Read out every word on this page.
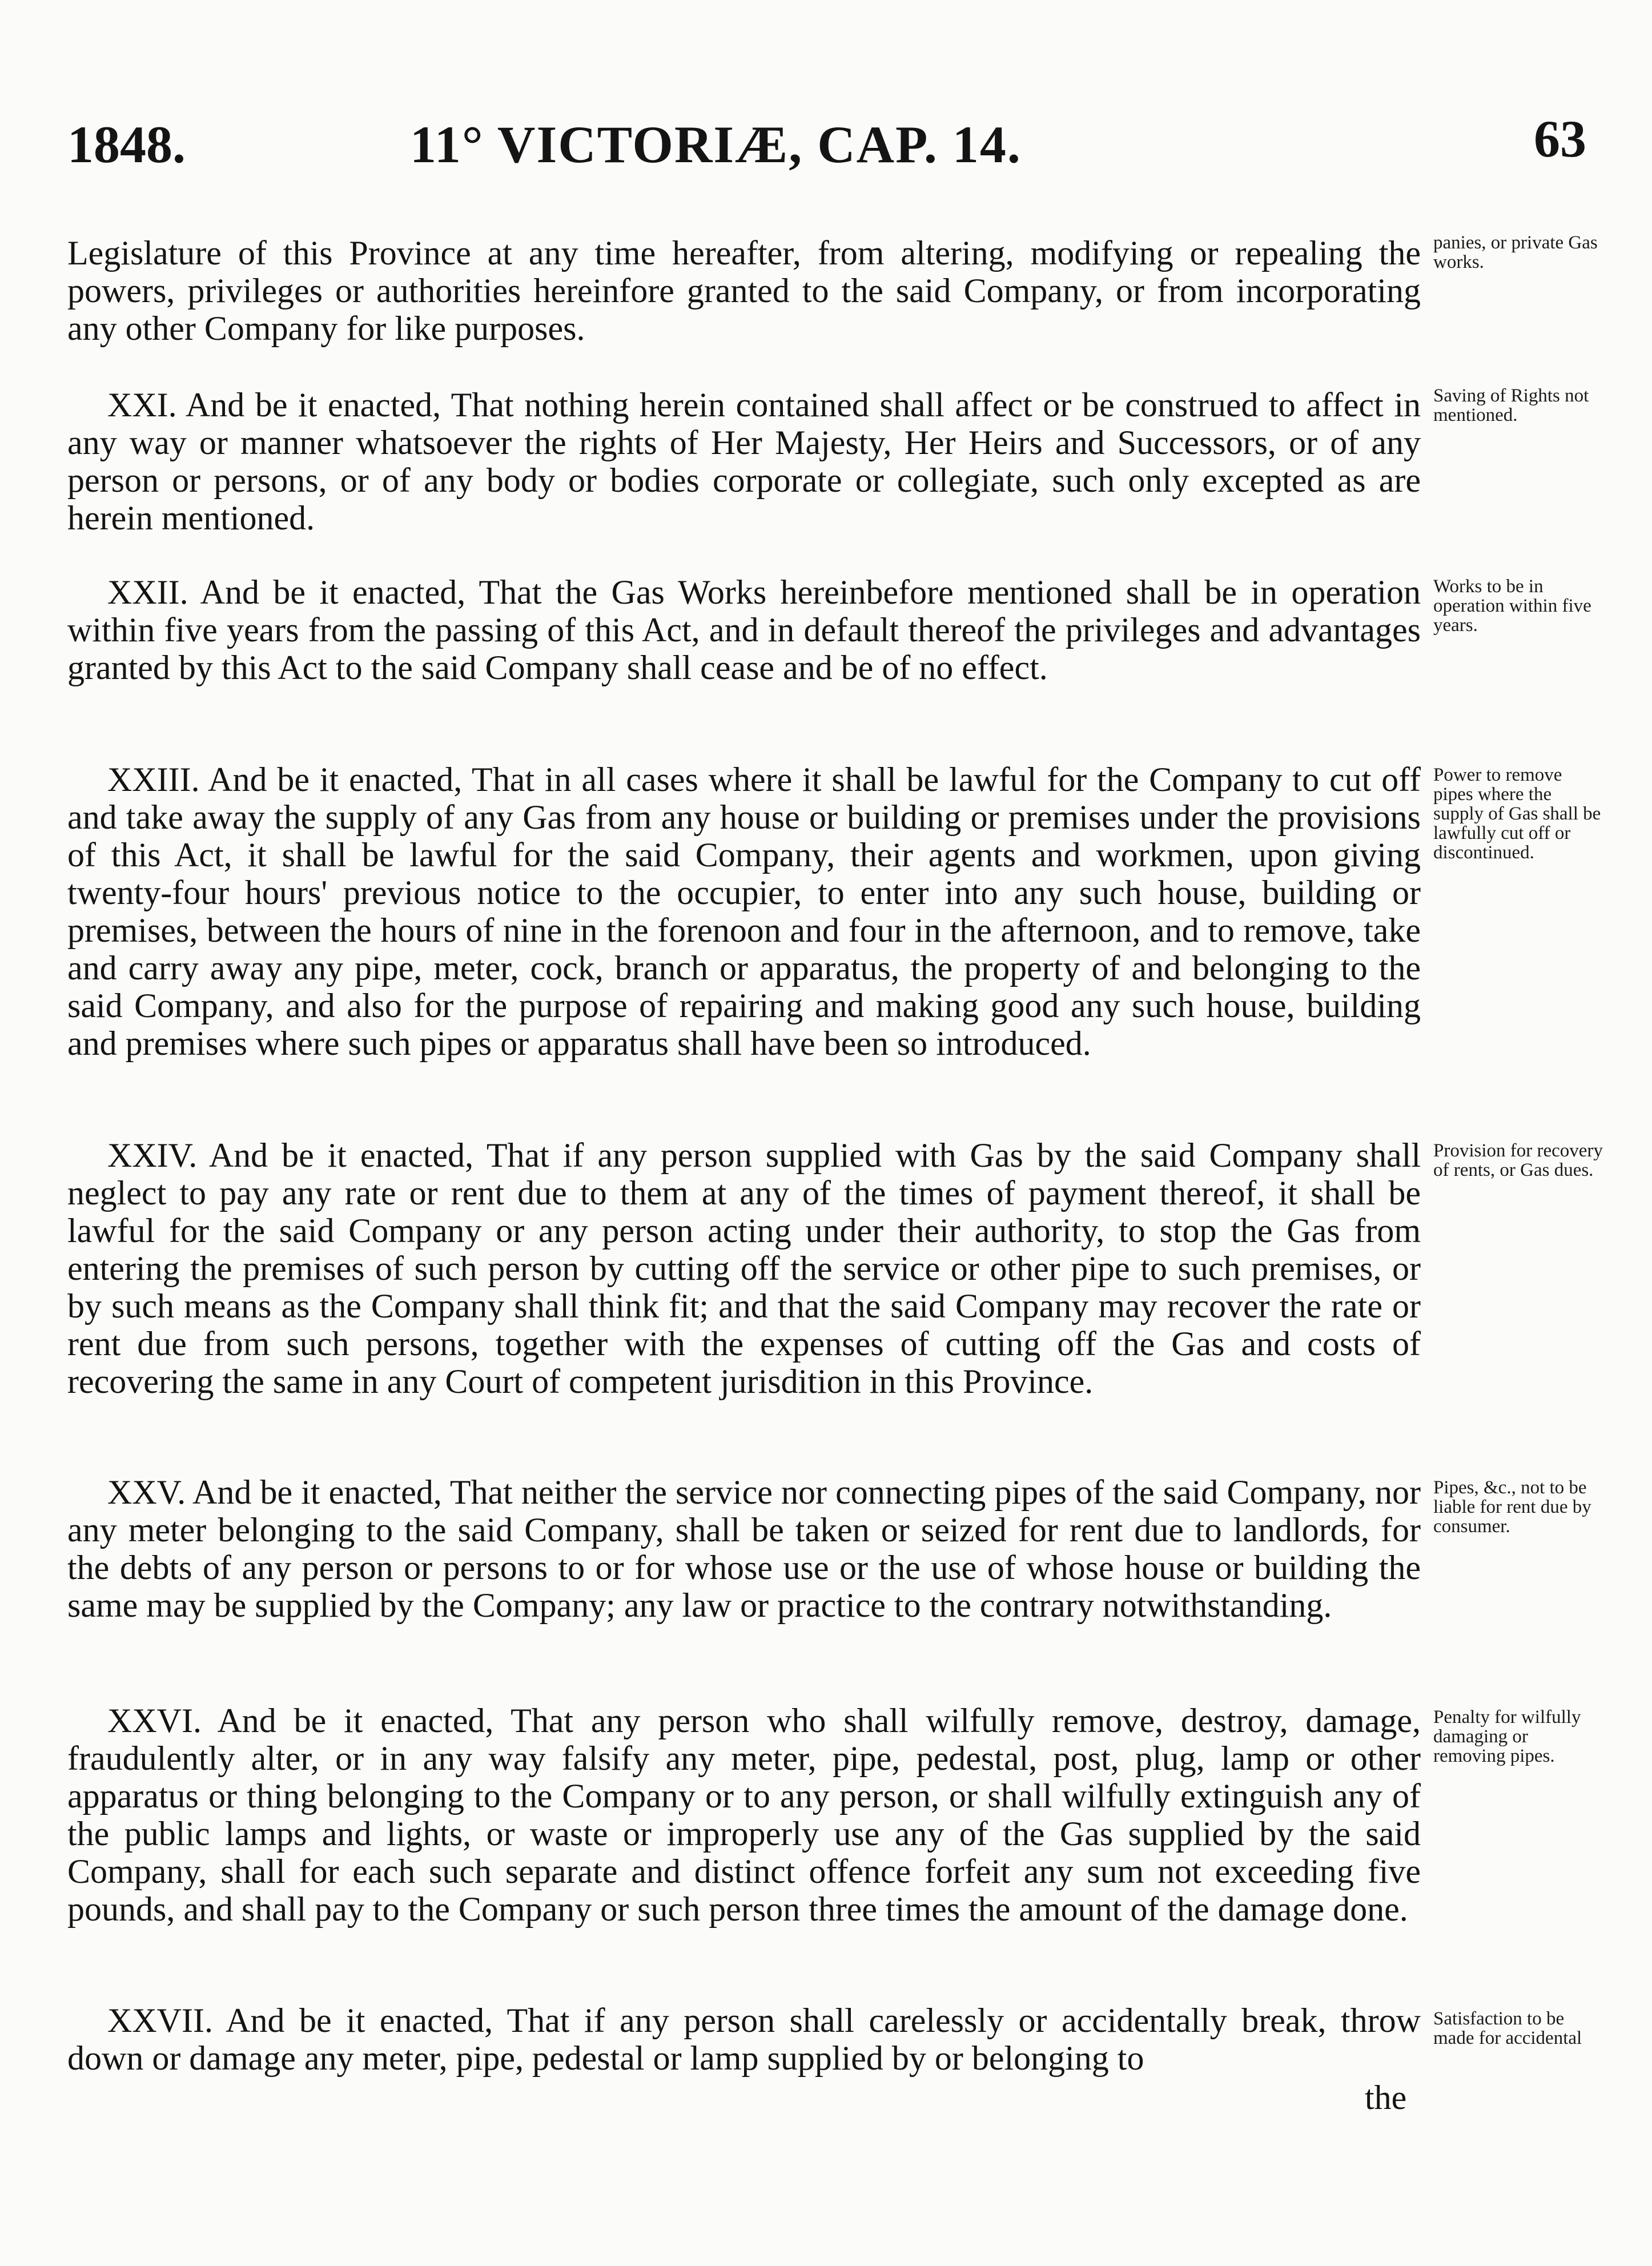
1848.	11° VICTORIÆ, CAP. 14.	63

Legislature of this Province at any time hereafter, from altering, modifying or repealing the powers, privileges or authorities hereinfore granted to the said Company, or from incorporating any other Company for like purposes.

panies, or private Gas works.

XXI. And be it enacted, That nothing herein contained shall affect or be construed to affect in any way or manner whatsoever the rights of Her Majesty, Her Heirs and Successors, or of any person or persons, or of any body or bodies corporate or collegiate, such only excepted as are herein mentioned.

Saving of Rights not mentioned.

XXII. And be it enacted, That the Gas Works hereinbefore mentioned shall be in operation within five years from the passing of this Act, and in default thereof the privileges and advantages granted by this Act to the said Company shall cease and be of no effect.

Works to be in operation within five years.

XXIII. And be it enacted, That in all cases where it shall be lawful for the Company to cut off and take away the supply of any Gas from any house or building or premises under the provisions of this Act, it shall be lawful for the said Company, their agents and workmen, upon giving twenty-four hours' previous notice to the occupier, to enter into any such house, building or premises, between the hours of nine in the forenoon and four in the afternoon, and to remove, take and carry away any pipe, meter, cock, branch or apparatus, the property of and belonging to the said Company, and also for the purpose of repairing and making good any such house, building and premises where such pipes or apparatus shall have been so introduced.

Power to remove pipes where the supply of Gas shall be lawfully cut off or discontinued.

XXIV. And be it enacted, That if any person supplied with Gas by the said Company shall neglect to pay any rate or rent due to them at any of the times of payment thereof, it shall be lawful for the said Company or any person acting under their authority, to stop the Gas from entering the premises of such person by cutting off the service or other pipe to such premises, or by such means as the Company shall think fit; and that the said Company may recover the rate or rent due from such persons, together with the expenses of cutting off the Gas and costs of recovering the same in any Court of competent jurisdition in this Province.

Provision for recovery of rents, or Gas dues.

XXV. And be it enacted, That neither the service nor connecting pipes of the said Company, nor any meter belonging to the said Company, shall be taken or seized for rent due to landlords, for the debts of any person or persons to or for whose use or the use of whose house or building the same may be supplied by the Company; any law or practice to the contrary notwithstanding.

Pipes, &c., not to be liable for rent due by consumer.

XXVI. And be it enacted, That any person who shall wilfully remove, destroy, damage, fraudulently alter, or in any way falsify any meter, pipe, pedestal, post, plug, lamp or other apparatus or thing belonging to the Company or to any person, or shall wilfully extinguish any of the public lamps and lights, or waste or improperly use any of the Gas supplied by the said Company, shall for each such separate and distinct offence forfeit any sum not exceeding five pounds, and shall pay to the Company or such person three times the amount of the damage done.

Penalty for wilfully damaging or removing pipes.

XXVII. And be it enacted, That if any person shall carelessly or accidentally break, throw down or damage any meter, pipe, pedestal or lamp supplied by or belonging to

Satisfaction to be made for accidental
the
